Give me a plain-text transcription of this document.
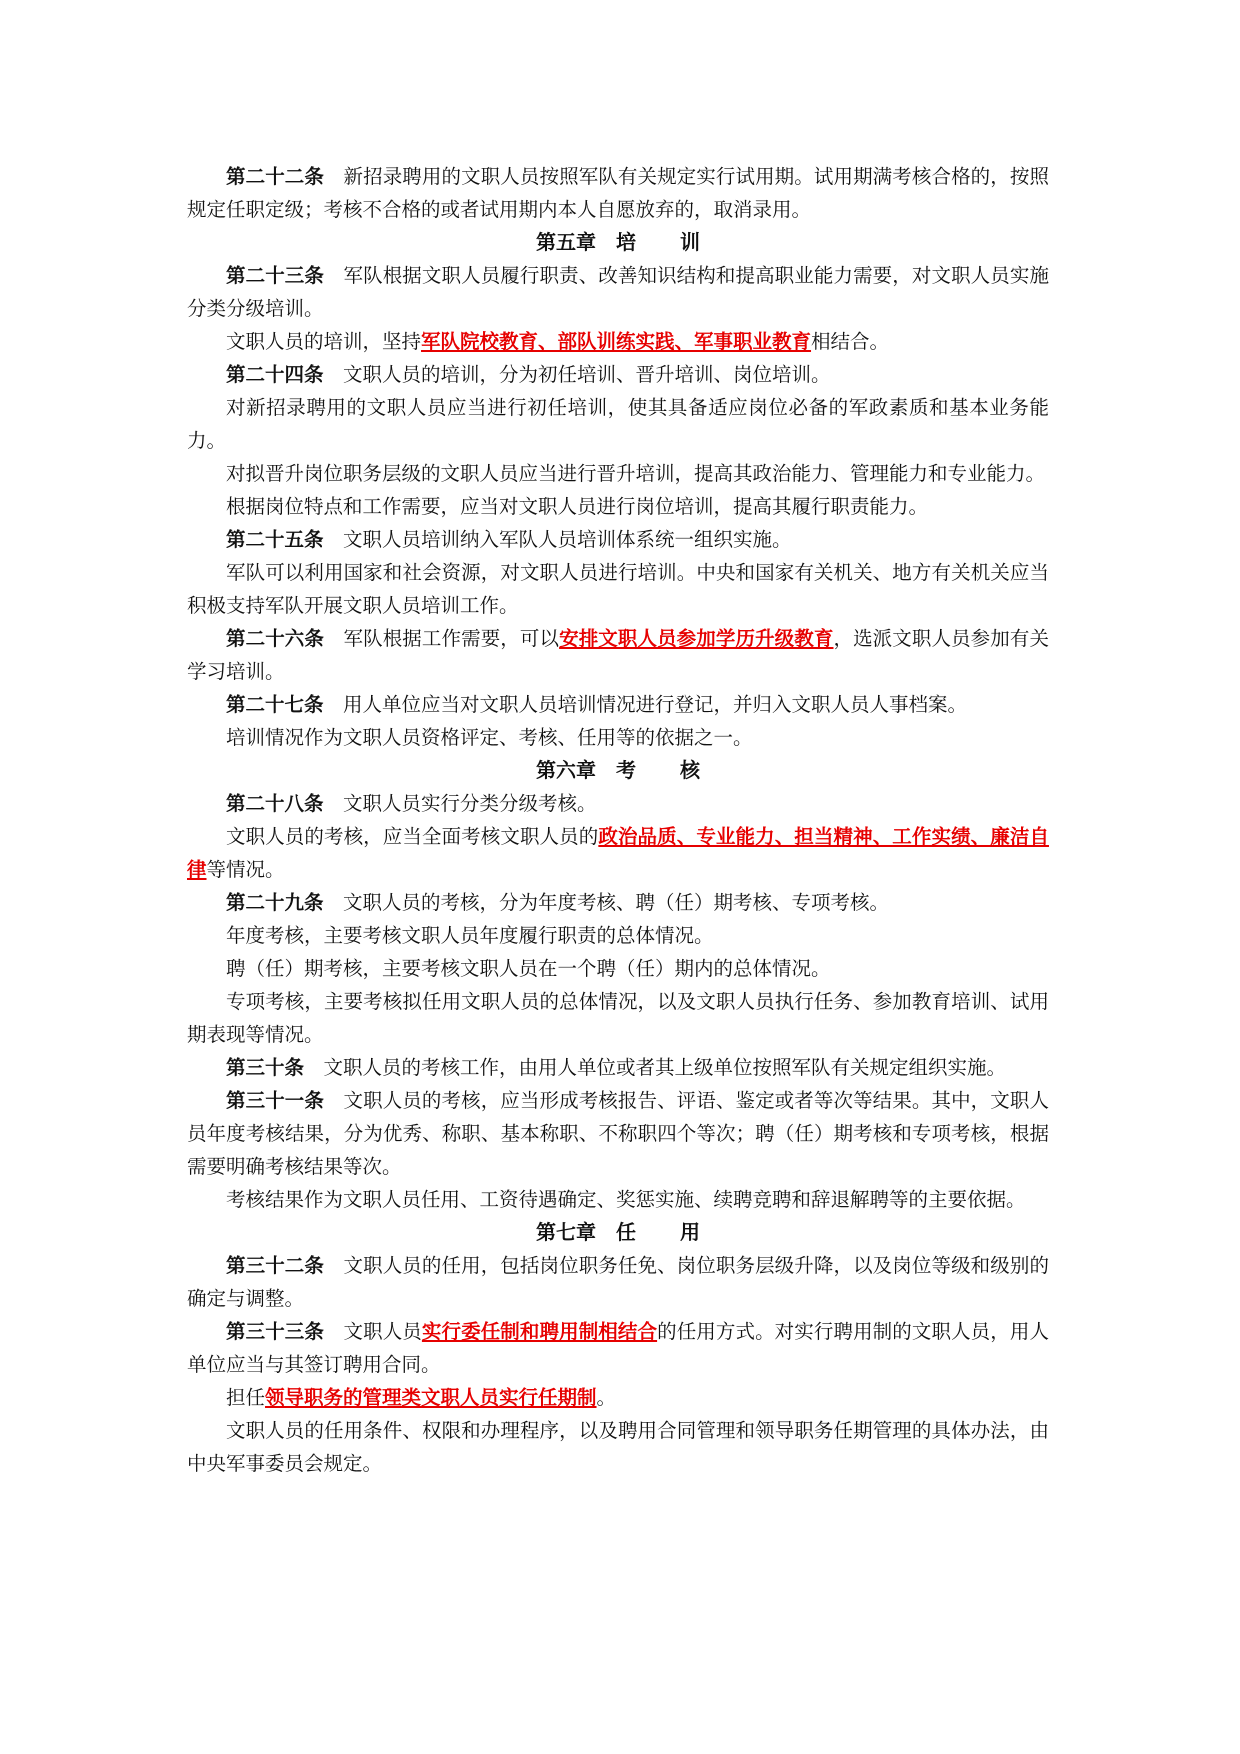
第二十二条 新招录聘用的文职人员按照军队有关规定实行试用期。试用期满考核合格的，按照规定任职定级；考核不合格的或者试用期内本人自愿放弃的，取消录用。

第五章 培 训

第二十三条 军队根据文职人员履行职责、改善知识结构和提高职业能力需要，对文职人员实施分类分级培训。

文职人员的培训，坚持军队院校教育、部队训练实践、军事职业教育相结合。

第二十四条 文职人员的培训，分为初任培训、晋升培训、岗位培训。

对新招录聘用的文职人员应当进行初任培训，使其具备适应岗位必备的军政素质和基本业务能力。

对拟晋升岗位职务层级的文职人员应当进行晋升培训，提高其政治能力、管理能力和专业能力。

根据岗位特点和工作需要，应当对文职人员进行岗位培训，提高其履行职责能力。

第二十五条 文职人员培训纳入军队人员培训体系统一组织实施。

军队可以利用国家和社会资源，对文职人员进行培训。中央和国家有关机关、地方有关机关应当积极支持军队开展文职人员培训工作。

第二十六条 军队根据工作需要，可以安排文职人员参加学历升级教育，选派文职人员参加有关学习培训。

第二十七条 用人单位应当对文职人员培训情况进行登记，并归入文职人员人事档案。

培训情况作为文职人员资格评定、考核、任用等的依据之一。

第六章 考 核

第二十八条 文职人员实行分类分级考核。

文职人员的考核，应当全面考核文职人员的政治品质、专业能力、担当精神、工作实绩、廉洁自律等情况。

第二十九条 文职人员的考核，分为年度考核、聘（任）期考核、专项考核。

年度考核，主要考核文职人员年度履行职责的总体情况。

聘（任）期考核，主要考核文职人员在一个聘（任）期内的总体情况。

专项考核，主要考核拟任用文职人员的总体情况，以及文职人员执行任务、参加教育培训、试用期表现等情况。

第三十条 文职人员的考核工作，由用人单位或者其上级单位按照军队有关规定组织实施。

第三十一条 文职人员的考核，应当形成考核报告、评语、鉴定或者等次等结果。其中，文职人员年度考核结果，分为优秀、称职、基本称职、不称职四个等次；聘（任）期考核和专项考核，根据需要明确考核结果等次。

考核结果作为文职人员任用、工资待遇确定、奖惩实施、续聘竞聘和辞退解聘等的主要依据。

第七章 任 用

第三十二条 文职人员的任用，包括岗位职务任免、岗位职务层级升降，以及岗位等级和级别的确定与调整。

第三十三条 文职人员实行委任制和聘用制相结合的任用方式。对实行聘用制的文职人员，用人单位应当与其签订聘用合同。

担任领导职务的管理类文职人员实行任期制。

文职人员的任用条件、权限和办理程序，以及聘用合同管理和领导职务任期管理的具体办法，由中央军事委员会规定。
